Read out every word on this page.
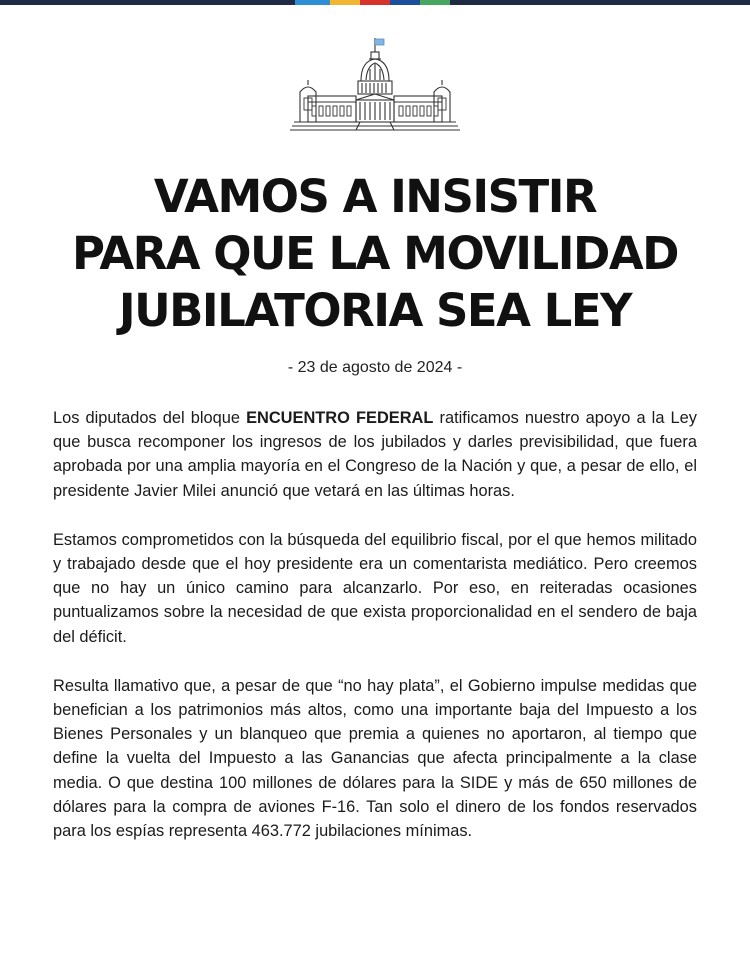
VAMOS A INSISTIR
PARA QUE LA MOVILIDAD
JUBILATORIA SEA LEY
- 23 de agosto de 2024 -

Los diputados del bloque ENCUENTRO FEDERAL ratificamos nuestro apoyo a la Ley que busca recomponer los ingresos de los jubilados y darles previsibilidad, que fuera aprobada por una amplia mayoría en el Congreso de la Nación y que, a pesar de ello, el presidente Javier Milei anunció que vetará en las últimas horas.

Estamos comprometidos con la búsqueda del equilibrio fiscal, por el que hemos militado y trabajado desde que el hoy presidente era un comentarista mediático. Pero creemos que no hay un único camino para alcanzarlo. Por eso, en reiteradas ocasiones puntualizamos sobre la necesidad de que exista proporcionalidad en el sendero de baja del déficit.

Resulta llamativo que, a pesar de que “no hay plata”, el Gobierno impulse medidas que benefician a los patrimonios más altos, como una importante baja del Impuesto a los Bienes Personales y un blanqueo que premia a quienes no aportaron, al tiempo que define la vuelta del Impuesto a las Ganancias que afecta principalmente a la clase media. O que destina 100 millones de dólares para la SIDE y más de 650 millones de dólares para la compra de aviones F-16. Tan solo el dinero de los fondos reservados para los espías representa 463.772 jubilaciones mínimas.
